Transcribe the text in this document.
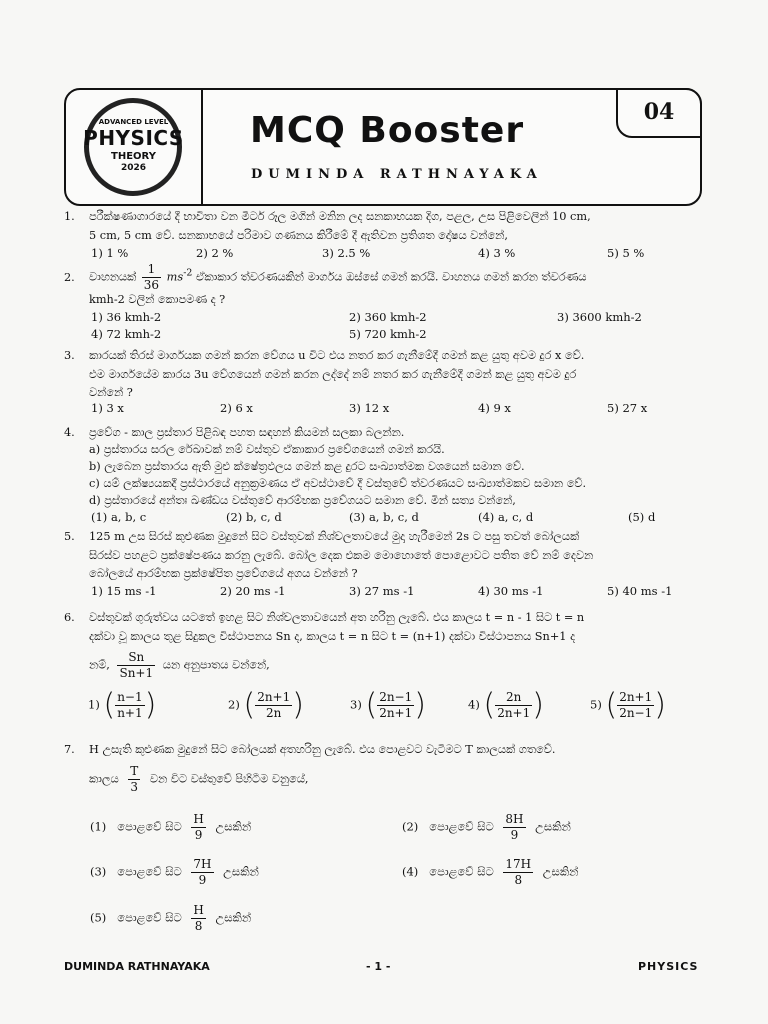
ADVANCED LEVEL
PHYSICS
THEORY
2026
MCQ Booster
DUMINDA RATHNAYAKA
04
1. පරීක්ෂණාගාරයේ දී භාවිතා වන මීටර් රූල මගින් මනින ලද සනකාභයක දිග, පළල, උස පිළිවෙලින් 10 cm,
5 cm, 5 cm වේ. සනකාභයේ පරිමාව ගණනය කිරීමේ දී ඇතිවන ප්‍රතිශත දෝෂය වන්නේ,
1) 1 %	2) 2 %	3) 2.5 %	4) 3 %	5) 5 %
2. වාහනයක් $\frac{1}{36} ms^{-2}$ ඒකාකාර ත්වරණයකින් මාර්ගය ඔස්සේ ගමන් කරයි. වාහනය ගමන් කරන ත්වරණය
kmh-2 වලින් කොපමණ ද ?
1) 36 kmh-2	2) 360 kmh-2	3) 3600 kmh-2
4) 72 kmh-2	5) 720 kmh-2
3. කාරයක් තිරස් මාර්ගයක ගමන් කරන වේගය u විට එය නතර කර ගැනීමේදී ගමන් කළ යුතු අවම දුර x වේ.
එම මාර්ගයේම කාරය 3u වේගයෙන් ගමන් කරන ලද්දේ නම් නතර කර ගැනීමේදී ගමන් කළ යුතු අවම දුර
වන්නේ ?
1) 3 x	2) 6 x	3) 12 x	4) 9 x	5) 27 x
4. ප්‍රවේග - කාල ප්‍රස්තාර පිළිබඳ පහත සඳහන් කියමන් සලකා බලන්න.
a) ප්‍රස්තාරය සරල රේඛාවක් නම් වස්තුව ඒකාකාර ප්‍රවේගයෙන් ගමන් කරයි.
b) ලැබෙන ප්‍රස්තාරය ඇති මුළු ක්ෂේත්‍රඵලය ගමන් කළ දුරට සංඛ්‍යාත්මක වශයෙන් සමාන වේ.
c) යම් ලක්ෂ්‍යයකදී ප්‍රස්ථාරයේ අනුක්‍රමණය ඒ අවස්ථාවේ දී වස්තුවේ ත්වරණයට සංඛ්‍යාත්මකව සමාන වේ.
d) ප්‍රස්තාරයේ අන්තඃ ඛණ්ඩය වස්තුවේ ආරම්භක ප්‍රවේගයට සමාන වේ. මින් සත්‍ය වන්නේ,
(1) a, b, c	(2) b, c, d	(3) a, b, c, d	(4) a, c, d	(5) d
5. 125 m උස සිරස් කුළුණක මුදුනේ සිට වස්තුවක් නිශ්චලතාවයේ මුදා හැරීමෙන් 2s ට පසු තවත් බෝලයක්
සිරස්ව පහළට ප්‍රක්ෂේපණය කරනු ලැබේ. බෝල දෙක එකම මොහොතේ පොළොවට පතිත වේ නම් දෙවන
බෝලයේ ආරම්භක ප්‍රක්ෂේපිත ප්‍රවේගයේ අගය වන්නේ ?
1) 15 ms -1	2) 20 ms -1	3) 27 ms -1	4) 30 ms -1	5) 40 ms -1
6. වස්තුවක් ගුරුත්වය යටතේ ඉහළ සිට නිශ්චලතාවයෙන් අත හරිනු ලැබේ. එය කාලය t = n - 1 සිට t = n
දක්වා වූ කාලය තුළ සිදුකල විස්ථාපනය Sn ද, කාලය t = n සිට t = (n+1) දක්වා විස්ථාපනය Sn+1 ද
නම්, $\frac{Sn}{Sn+1}$ යන අනුපාතය වන්නේ,
1) ( $\frac{n-1}{n+1}$ )	2) ( $\frac{2n+1}{2n}$ )	3) ( $\frac{2n-1}{2n+1}$ )	4) ( $\frac{2n}{2n+1}$ )	5) ( $\frac{2n+1}{2n-1}$ )
7. H උසැති කුළුණක මුදුනේ සිට බෝලයක් අතහරිනු ලැබේ. එය පොළවට වැටීමට T කාලයක් ගතවේ.
කාලය $\frac{T}{3}$ වන විට වස්තුවේ පිහිටීම වනුයේ,
(1) පොළවේ සිට $\frac{H}{9}$ උසකින්	(2) පොළවේ සිට $\frac{8H}{9}$ උසකින්
(3) පොළවේ සිට $\frac{7H}{9}$ උසකින්	(4) පොළවේ සිට $\frac{17H}{8}$ උසකින්
(5) පොළවේ සිට $\frac{H}{8}$ උසකින්
DUMINDA RATHNAYAKA	- 1 -	PHYSICS
